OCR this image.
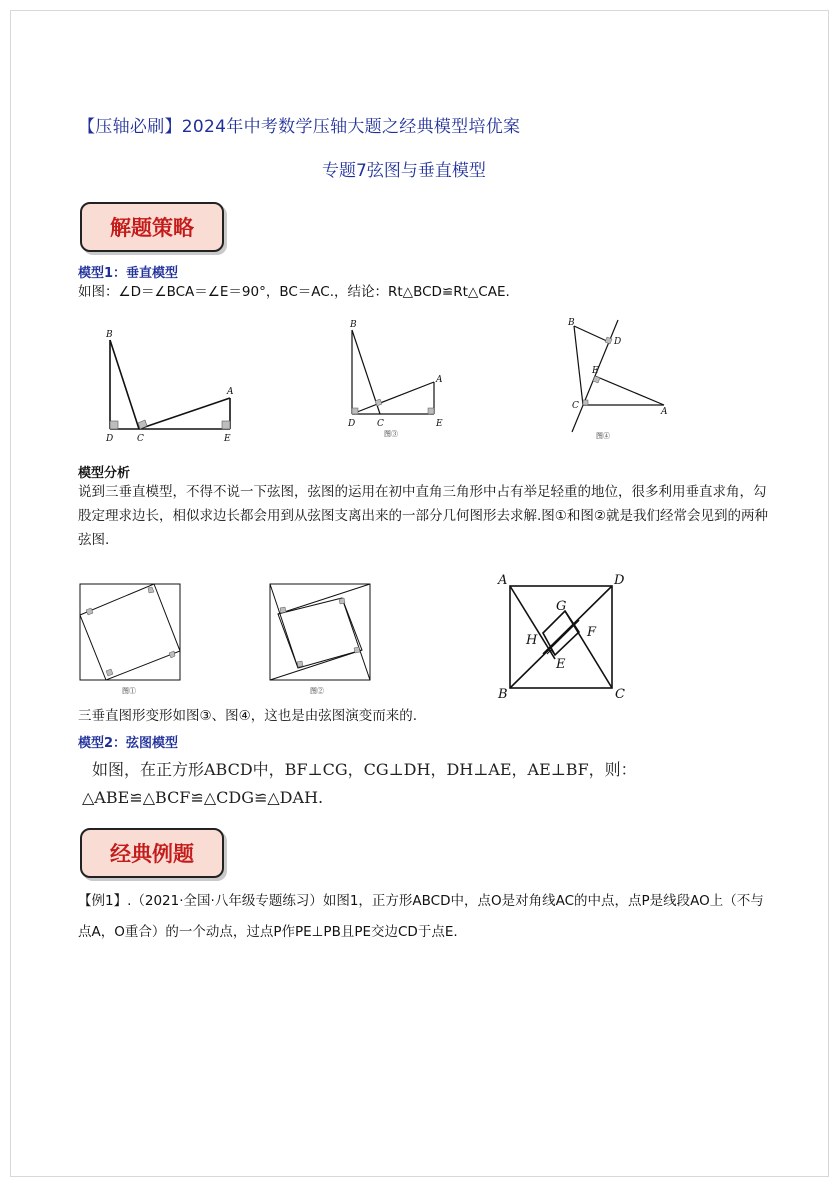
【压轴必刷】2024年中考数学压轴大题之经典模型培优案
专题7弦图与垂直模型
解题策略
模型1：垂直模型
如图：∠D＝∠BCA＝∠E＝90°，BC＝AC.，结论：Rt△BCD≌Rt△CAE.
B
A
D	C	E
B
A
D C	E
图③
B
D
E
C
A
图④
模型分析
说到三垂直模型，不得不说一下弦图，弦图的运用在初中直角三角形中占有举足轻重的地位，很多利用垂直求角，勾股定理求边长，相似求边长都会用到从弦图支离出来的一部分几何图形去求解.图①和图②就是我们经常会见到的两种弦图.
图①	图②
A	D
B	C
G
H
F
E
三垂直图形变形如图③、图④，这也是由弦图演变而来的.
模型2：弦图模型
如图，在正方形ABCD中，BF⊥CG，CG⊥DH，DH⊥AE，AE⊥BF，则：
△ABE≌△BCF≌△CDG≌△DAH.
经典例题
【例1】.（2021·全国·八年级专题练习）如图1，正方形ABCD中，点O是对角线AC的中点，点P是线段AO上（不与点A，O重合）的一个动点，过点P作PE⊥PB且PE交边CD于点E.
